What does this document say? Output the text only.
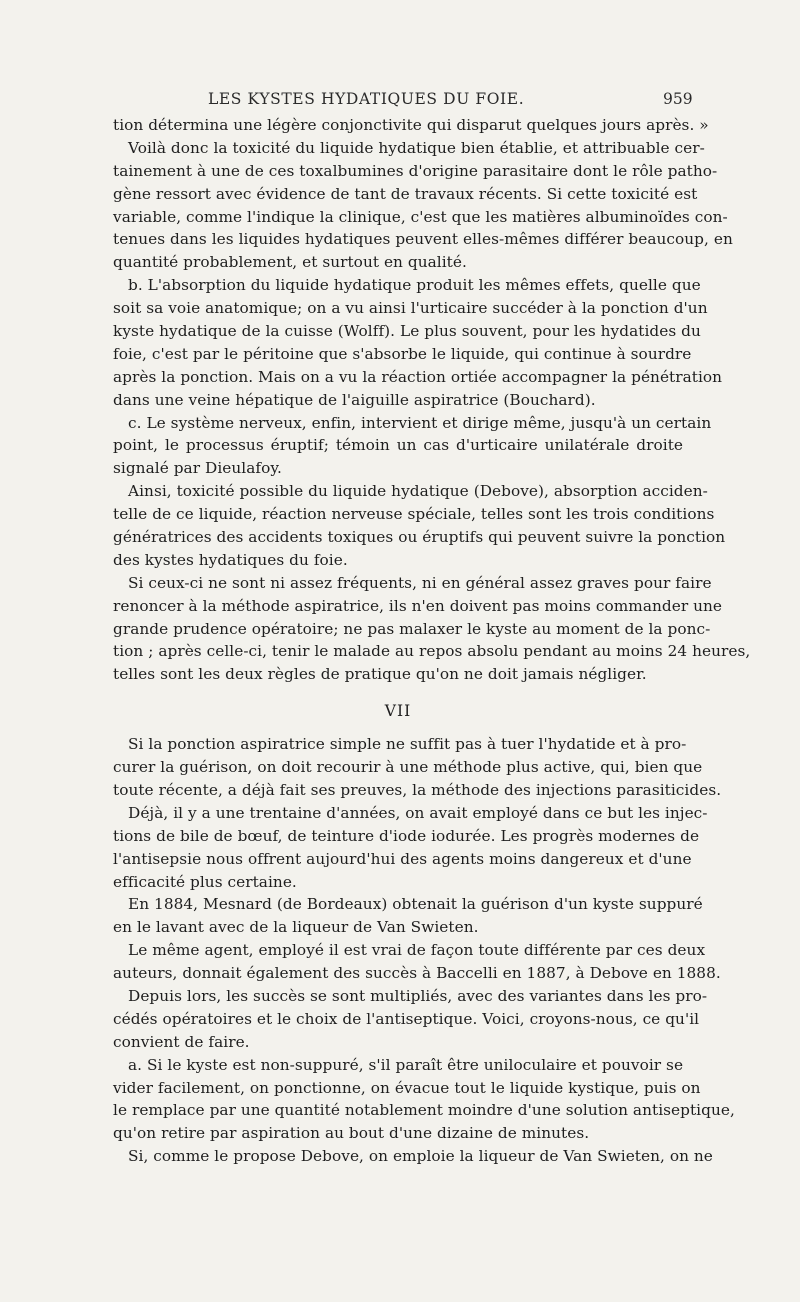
LES KYSTES HYDATIQUES DU FOIE.	959
tion détermina une légère conjonctivite qui disparut quelques jours après. »
Voilà donc la toxicité du liquide hydatique bien établie, et attribuable cer-
tainement à une de ces toxalbumines d'origine parasitaire dont le rôle patho-
gène ressort avec évidence de tant de travaux récents. Si cette toxicité est
variable, comme l'indique la clinique, c'est que les matières albuminoïdes con-
tenues dans les liquides hydatiques peuvent elles-mêmes différer beaucoup, en
quantité probablement, et surtout en qualité.
b. L'absorption du liquide hydatique produit les mêmes effets, quelle que
soit sa voie anatomique; on a vu ainsi l'urticaire succéder à la ponction d'un
kyste hydatique de la cuisse (Wolff). Le plus souvent, pour les hydatides du
foie, c'est par le péritoine que s'absorbe le liquide, qui continue à sourdre
après la ponction. Mais on a vu la réaction ortiée accompagner la pénétration
dans une veine hépatique de l'aiguille aspiratrice (Bouchard).
c. Le système nerveux, enfin, intervient et dirige même, jusqu'à un certain
point, le processus éruptif; témoin un cas d'urticaire unilatérale droite
signalé par Dieulafoy.
Ainsi, toxicité possible du liquide hydatique (Debove), absorption acciden-
telle de ce liquide, réaction nerveuse spéciale, telles sont les trois conditions
génératrices des accidents toxiques ou éruptifs qui peuvent suivre la ponction
des kystes hydatiques du foie.
Si ceux-ci ne sont ni assez fréquents, ni en général assez graves pour faire
renoncer à la méthode aspiratrice, ils n'en doivent pas moins commander une
grande prudence opératoire; ne pas malaxer le kyste au moment de la ponc-
tion ; après celle-ci, tenir le malade au repos absolu pendant au moins 24 heures,
telles sont les deux règles de pratique qu'on ne doit jamais négliger.
VII
Si la ponction aspiratrice simple ne suffit pas à tuer l'hydatide et à pro-
curer la guérison, on doit recourir à une méthode plus active, qui, bien que
toute récente, a déjà fait ses preuves, la méthode des injections parasiticides.
Déjà, il y a une trentaine d'années, on avait employé dans ce but les injec-
tions de bile de bœuf, de teinture d'iode iodurée. Les progrès modernes de
l'antisepsie nous offrent aujourd'hui des agents moins dangereux et d'une
efficacité plus certaine.
En 1884, Mesnard (de Bordeaux) obtenait la guérison d'un kyste suppuré
en le lavant avec de la liqueur de Van Swieten.
Le même agent, employé il est vrai de façon toute différente par ces deux
auteurs, donnait également des succès à Baccelli en 1887, à Debove en 1888.
Depuis lors, les succès se sont multipliés, avec des variantes dans les pro-
cédés opératoires et le choix de l'antiseptique. Voici, croyons-nous, ce qu'il
convient de faire.
a. Si le kyste est non-suppuré, s'il paraît être uniloculaire et pouvoir se
vider facilement, on ponctionne, on évacue tout le liquide kystique, puis on
le remplace par une quantité notablement moindre d'une solution antiseptique,
qu'on retire par aspiration au bout d'une dizaine de minutes.
Si, comme le propose Debove, on emploie la liqueur de Van Swieten, on ne
